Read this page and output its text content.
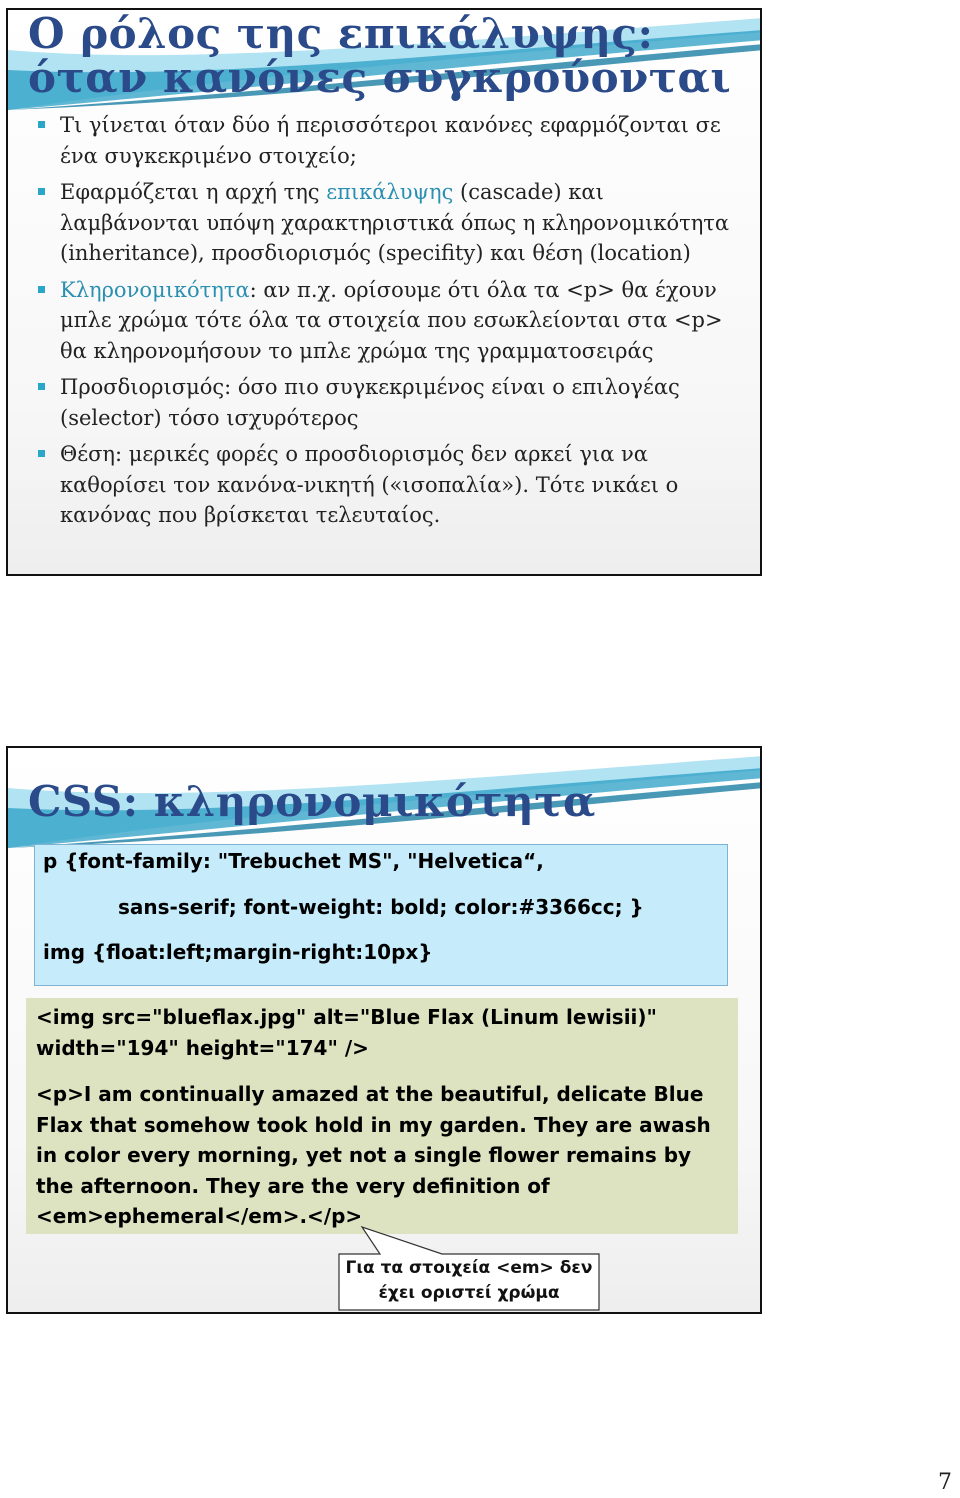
Ο ρόλος της επικάλυψης: όταν κανόνες συγκρούονται
Τι γίνεται όταν δύο ή περισσότεροι κανόνες εφαρμόζονται σε ένα συγκεκριμένο στοιχείο;
Εφαρμόζεται η αρχή της επικάλυψης (cascade) και λαμβάνονται υπόψη χαρακτηριστικά όπως η κληρονομικότητα (inheritance), προσδιορισμός (specifity) και θέση (location)
Κληρονομικότητα: αν π.χ. ορίσουμε ότι όλα τα <p> θα έχουν μπλε χρώμα τότε όλα τα στοιχεία που εσωκλείονται στα <p> θα κληρονομήσουν το μπλε χρώμα της γραμματοσειράς
Προσδιορισμός: όσο πιο συγκεκριμένος είναι ο επιλογέας (selector) τόσο ισχυρότερος
Θέση: μερικές φορές ο προσδιορισμός δεν αρκεί για να καθορίσει τον κανόνα-νικητή («ισοπαλία»). Τότε νικάει ο κανόνας που βρίσκεται τελευταίος.
CSS: κληρονομικότητα
p {font-family: "Trebuchet MS", "Helvetica“,
sans-serif; font-weight: bold; color:#3366cc; }
img {float:left;margin-right:10px}

<img src="blueflax.jpg" alt="Blue Flax (Linum lewisii)" width="194" height="174" />

<p>I am continually amazed at the beautiful, delicate Blue Flax that somehow took hold in my garden. They are awash in color every morning, yet not a single flower remains by the afternoon. They are the very definition of <em>ephemeral</em>.</p>

Για τα στοιχεία <em> δεν
έχει οριστεί χρώμα
7
